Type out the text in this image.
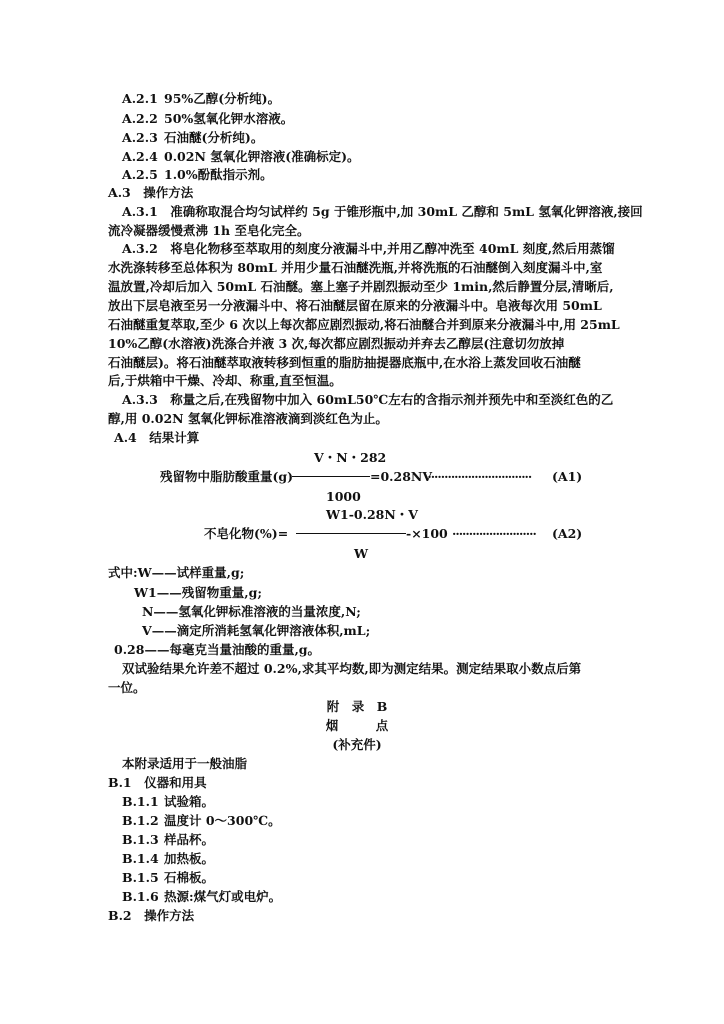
A.2.1 95%乙醇(分析纯)。
A.2.2 50%氢氧化钾水溶液。
A.2.3 石油醚(分析纯)。
A.2.4 0.02N 氢氧化钾溶液(准确标定)。
A.2.5 1.0%酚酞指示剂。
A.3　操作方法
A.3.1　准确称取混合均匀试样约 5g 于锥形瓶中,加 30mL 乙醇和 5mL 氢氧化钾溶液,接回
流冷凝器缓慢煮沸 1h 至皂化完全。
A.3.2　将皂化物移至萃取用的刻度分液漏斗中,并用乙醇冲洗至 40mL 刻度,然后用蒸馏
水洗涤转移至总体积为 80mL 并用少量石油醚洗瓶,并将洗瓶的石油醚倒入刻度漏斗中,室
温放置,冷却后加入 50mL 石油醚。塞上塞子并剧烈振动至少 1min,然后静置分层,清晰后,
放出下层皂液至另一分液漏斗中、将石油醚层留在原来的分液漏斗中。皂液每次用 50mL
石油醚重复萃取,至少 6 次以上每次都应剧烈振动,将石油醚合并到原来分液漏斗中,用 25mL
10%乙醇(水溶液)洗涤合并液 3 次,每次都应剧烈振动并弃去乙醇层(注意切勿放掉
石油醚层)。将石油醚萃取液转移到恒重的脂肪抽提器底瓶中,在水浴上蒸发回收石油醚
后,于烘箱中干燥、冷却、称重,直至恒温。
A.3.3　称量之后,在残留物中加入 60mL50℃左右的含指示剂并预先中和至淡红色的乙
醇,用 0.02N 氢氧化钾标准溶液滴到淡红色为止。
A.4　结果计算
V・N・282
残留物中脂肪酸重量(g)	=0.28NV
································ (A1)
1000
W1-0.28N・V
不皂化物(%)=	-×100 ························· (A2)
W
式中:W——试样重量,g;
W1——残留物重量,g;
N——氢氧化钾标准溶液的当量浓度,N;
V——滴定所消耗氢氧化钾溶液体积,mL;
0.28——每毫克当量油酸的重量,g。
双试验结果允许差不超过 0.2%,求其平均数,即为测定结果。测定结果取小数点后第
一位。
附　录　B
烟　　　点
(补充件)
本附录适用于一般油脂
B.1　仪器和用具
B.1.1 试验箱。
B.1.2 温度计 0～300℃。
B.1.3 样品杯。
B.1.4 加热板。
B.1.5 石棉板。
B.1.6 热源:煤气灯或电炉。
B.2　操作方法
